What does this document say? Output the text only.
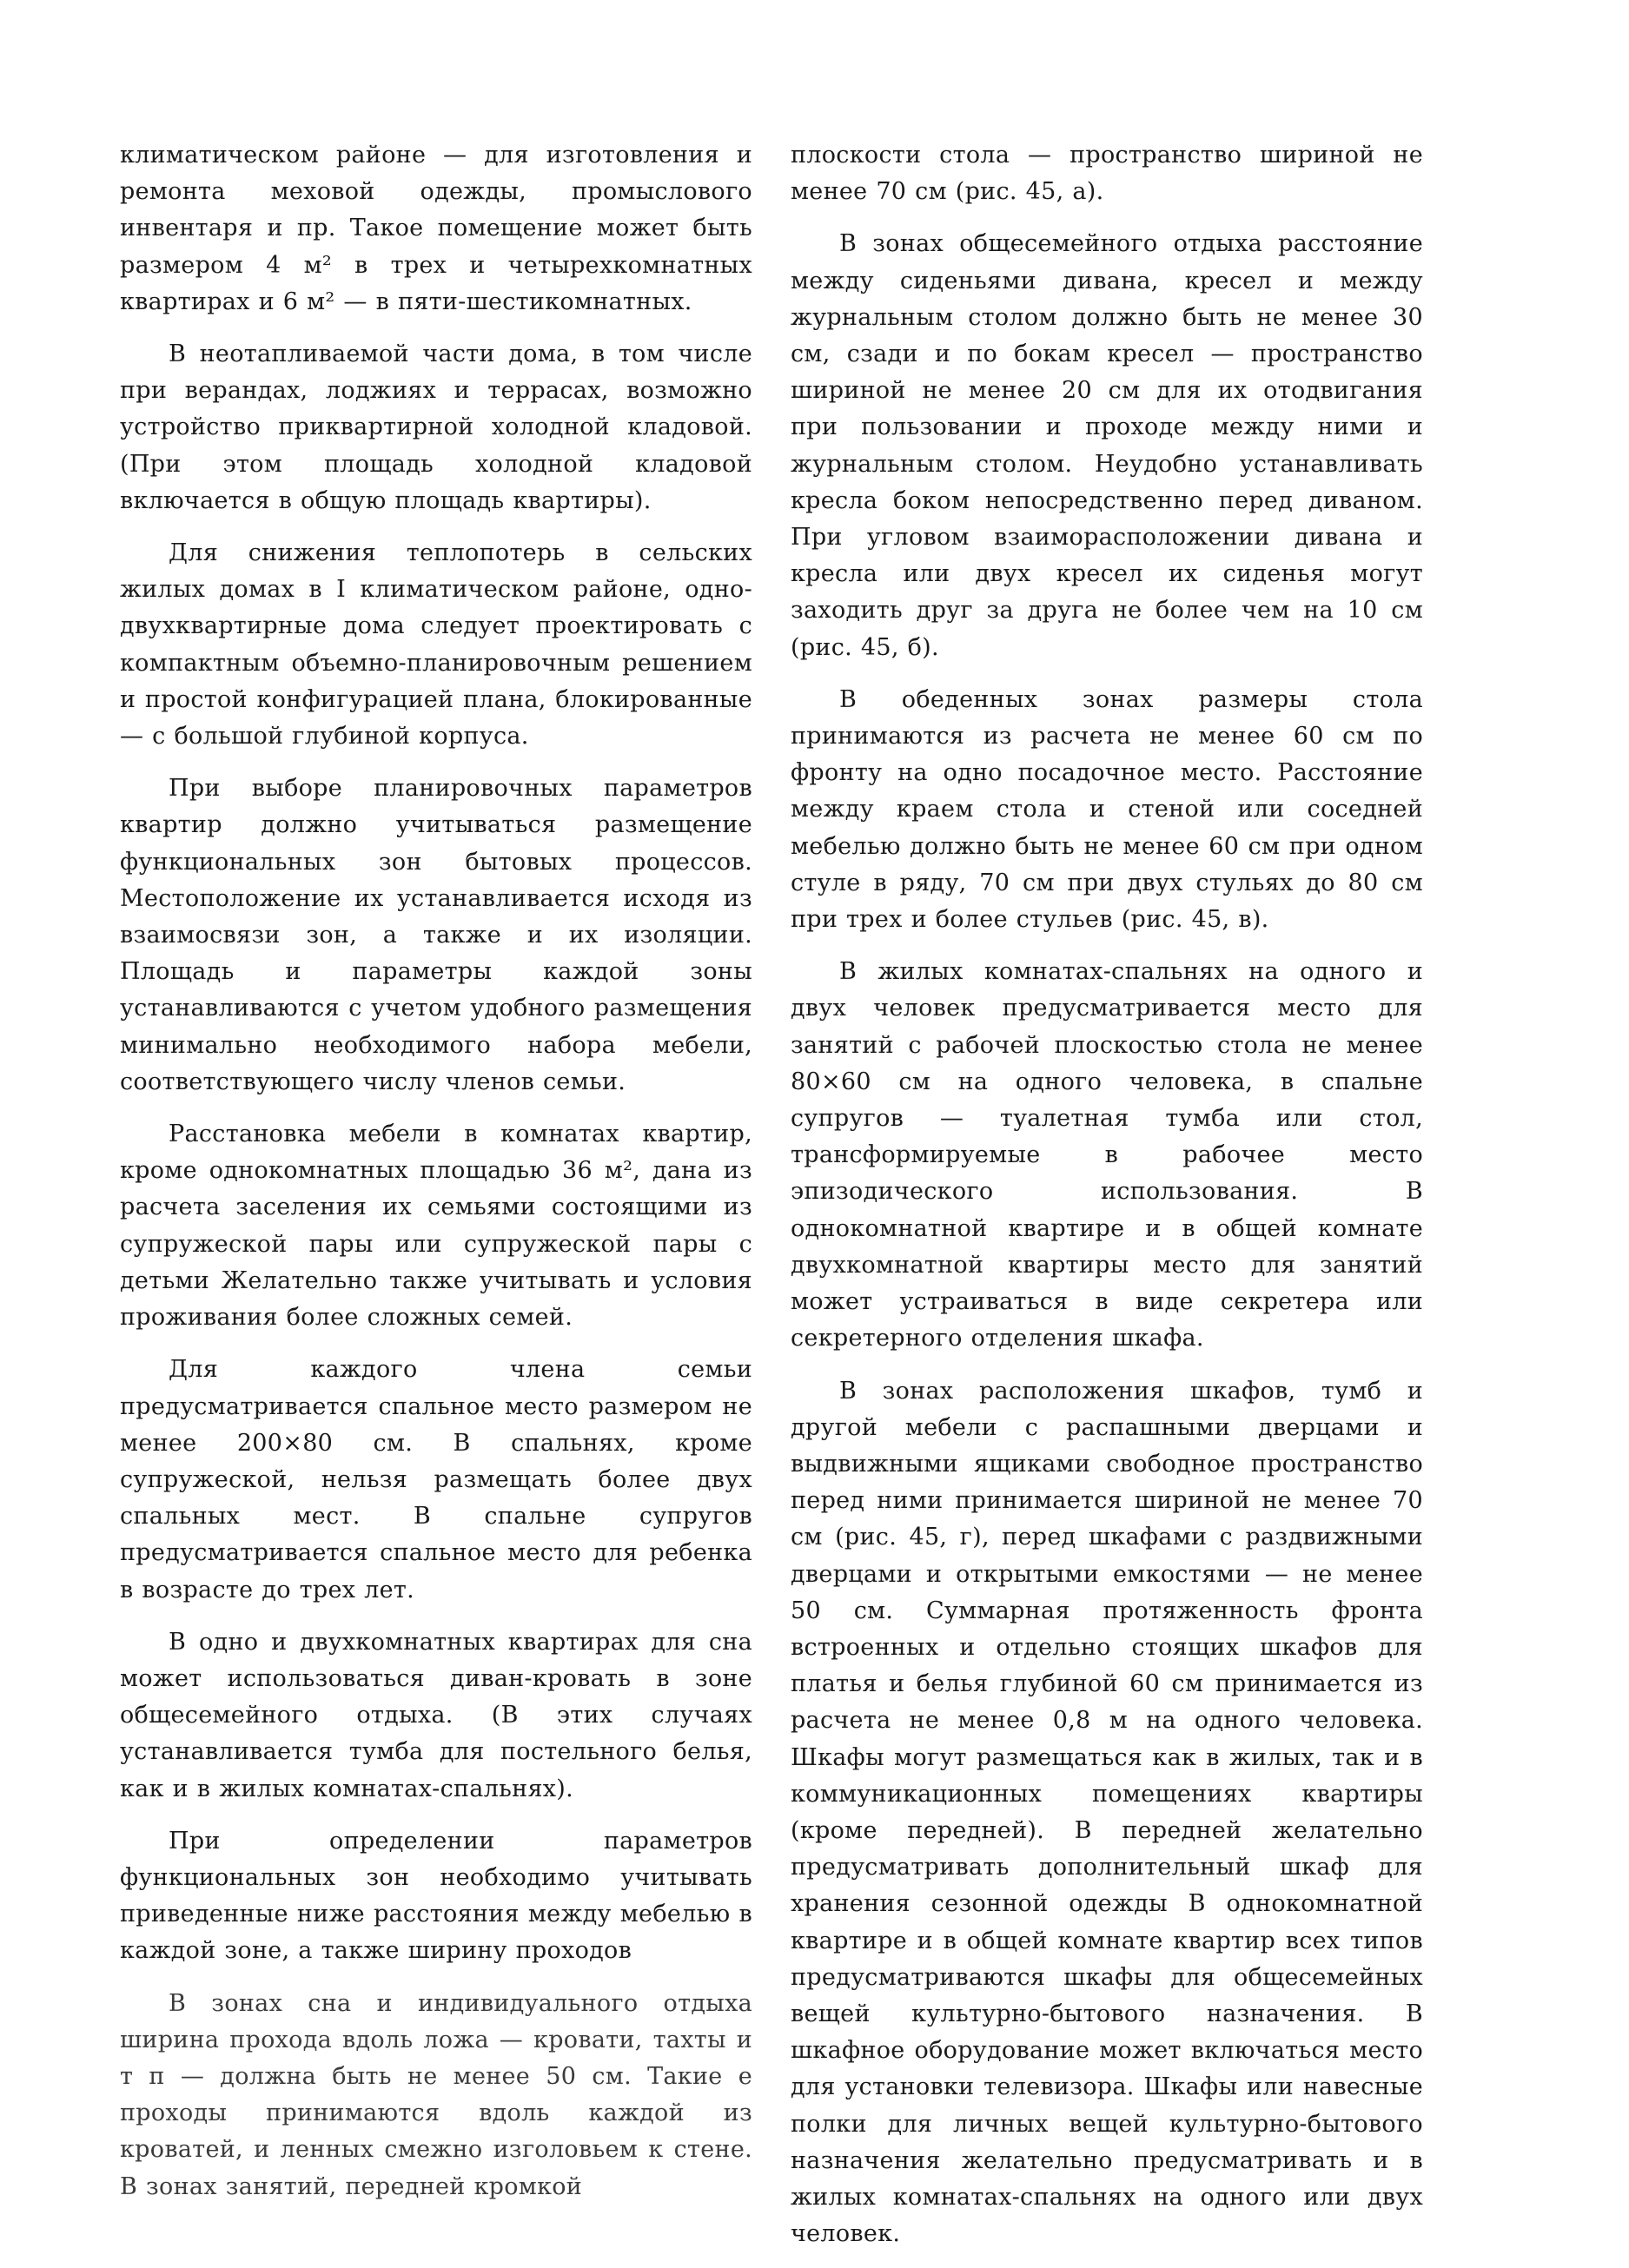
климатическом районе — для изготовления и ремонта меховой одежды, промыслового инвентаря и пр. Такое помещение может быть размером 4 м² в трех и четырехкомнатных квартирах и 6 м² — в пяти-шестикомнатных.

В неотапливаемой части дома, в том числе при верандах, лоджиях и террасах, возможно устройство приквартирной холодной кладовой. (При этом площадь холодной кладовой включается в общую площадь квартиры).

Для снижения теплопотерь в сельских жилых домах в I климатическом районе, одно-двухквартирные дома следует проектировать с компактным объемно-планировочным решением и простой конфигурацией плана, блокированные — с большой глубиной корпуса.

При выборе планировочных параметров квартир должно учитываться размещение функциональных зон бытовых процессов. Местоположение их устанавливается исходя из взаимосвязи зон, а также и их изоляции. Площадь и параметры каждой зоны устанавливаются с учетом удобного размещения минимально необходимого набора мебели, соответствующего числу членов семьи.

Расстановка мебели в комнатах квартир, кроме однокомнатных площадью 36 м², дана из расчета заселения их семьями состоящими из супружеской пары или супружеской пары с детьми Желательно также учитывать и условия проживания более сложных семей.

Для каждого члена семьи предусматривается спальное место размером не менее 200×80 см. В спальнях, кроме супружеской, нельзя размещать более двух спальных мест. В спальне супругов предусматривается спальное место для ребенка в возрасте до трех лет.

В одно и двухкомнатных квартирах для сна может использоваться диван-кровать в зоне общесемейного отдыха. (В этих случаях устанавливается тумба для постельного белья, как и в жилых комнатах-спальнях).

При определении параметров функциональных зон необходимо учитывать приведенные ниже расстояния между мебелью в каждой зоне, а также ширину проходов

В зонах сна и индивидуального отдыха ширина прохода вдоль ложа — кровати, тахты и т п — должна быть не менее 50 см. Такие е проходы принимаются вдоль каждой из кроватей, и ленных смежно изголовьем к стене. В зонах занятий, передней кромкой

плоскости стола — пространство шириной не менее 70 см (рис. 45, а).

В зонах общесемейного отдыха расстояние между сиденьями дивана, кресел и между журнальным столом должно быть не менее 30 см, сзади и по бокам кресел — пространство шириной не менее 20 см для их отодвигания при пользовании и проходе между ними и журнальным столом. Неудобно устанавливать кресла боком непосредственно перед диваном. При угловом взаиморасположении дивана и кресла или двух кресел их сиденья могут заходить друг за друга не более чем на 10 см (рис. 45, б).

В обеденных зонах размеры стола принимаются из расчета не менее 60 см по фронту на одно посадочное место. Расстояние между краем стола и стеной или соседней мебелью должно быть не менее 60 см при одном стуле в ряду, 70 см при двух стульях до 80 см при трех и более стульев (рис. 45, в).

В жилых комнатах-спальнях на одного и двух человек предусматривается место для занятий с рабочей плоскостью стола не менее 80×60 см на одного человека, в спальне супругов — туалетная тумба или стол, трансформируемые в рабочее место эпизодического использования. В однокомнатной квартире и в общей комнате двухкомнатной квартиры место для занятий может устраиваться в виде секретера или секретерного отделения шкафа.

В зонах расположения шкафов, тумб и другой мебели с распашными дверцами и выдвижными ящиками свободное пространство перед ними принимается шириной не менее 70 см (рис. 45, г), перед шкафами с раздвижными дверцами и открытыми емкостями — не менее 50 см. Суммарная протяженность фронта встроенных и отдельно стоящих шкафов для платья и белья глубиной 60 см принимается из расчета не менее 0,8 м на одного человека. Шкафы могут размещаться как в жилых, так и в коммуникационных помещениях квартиры (кроме передней). В передней желательно предусматривать дополнительный шкаф для хранения сезонной одежды В однокомнатной квартире и в общей комнате квартир всех типов предусматриваются шкафы для общесемейных вещей культурно-бытового назначения. В шкафное оборудование может включаться место для установки телевизора. Шкафы или навесные полки для личных вещей культурно-бытового назначения желательно предусматривать и в жилых комнатах-спальнях на одного или двух человек.
